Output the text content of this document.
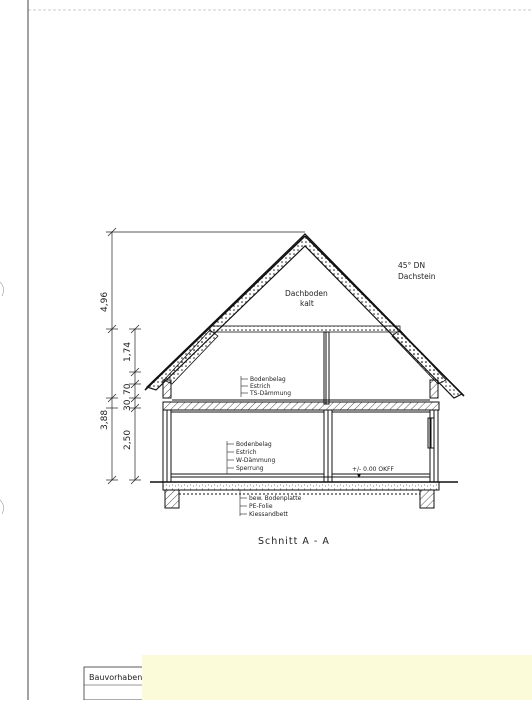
4,96
3,88
1,74
30
70
2,50
+/- 0.00 OKFF
Dachboden
kalt
45° DN
Dachstein
Bodenbelag
Estrich
TS-Dämmung
Bodenbelag
Estrich
W-Dämmung
Sperrung
bew. Bodenplatte
PE-Folie
Kiessandbett
Schnitt A - A
Bauvorhaben
